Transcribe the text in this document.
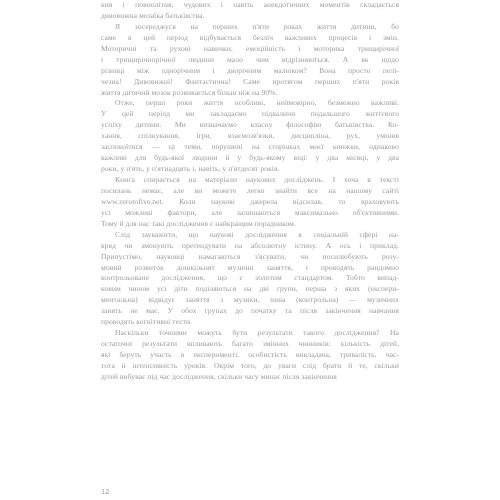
кия і повнолітня, чудових і навіть анекдотичних моментів складається
дивовижна мозаїка батьківства.

Я зосереджуся на перших п'яти роках життя дитини, бо
саме в цей період відбувається безліч важливих процесів і змін.
Моторичні та рухові навички, емоційність і моторика трищирічної
і трищирічнорічної людини мало чим відрізняються. А як щодо
різниці між однорічним і дворічним малюком? Вона просто пелі-
чезна! Дивовижні! Фантастична! Саме протягом перших п'яти років
життя дитячий мозок розвивається більш ніж на 90%.

Отже, перші роки життя особливі, неймовірно, безмежно важливі.
У цей період ми закладаємо підвалини подальшого життєвого
успіху дитини. Ми визначаємо власну філософію батьківства. Ко-
хання, спілкування, ігри, взаємозв'язки, дисципліна, рух, уміння
заспокоїтися — ці теми, порушені на сторінках моєї книжки, однаково
важливі для будь-якої людини й у будь-якому віці: у два місяці, у два
роки, у п'ять, у п'ятнадцять і, навіть, у п'ятдесят років.

Книга спирається на матеріали наукових досліджень. І хоча в тексті
посилань немає, але ви можете легко знайти все на нашому сайті
www.zerotofive.net. Коли наукові джерела відсилав, то враховують
усі можливі фактори, але залишаються максимально об'єктивними.
Тому й для нас такі дослідження є найкращим порадником.

Слід зауважити, що наукові дослідження в соціальній сфері на-
вряд чи змонують претендувати на абсолютну істину. А ось і приклад.
Припустімо, науковці намагаються з'ясувати, чи посилюбують розу-
мовий розвиток дошкільнят музичні заняття, і проводять рандомно
контрольоване дослідження, що є золотим стандартом. Тобто випад-
ковим чином усі діти поділяються на дві групи, перша з яких (експери-
ментальна) відвідує заняття з музики, інша (контрольна) — музичних
занять не має. У обох групах до початку та після закінчення навчання
проводять когнітивні тести.

Наскільки точними можуть бути результати такого дослідження? На
остаточні результати впливають багато змінних чинників: кількість дітей,
які беруть участь в експерименті, особистість викладача, тривалість, час-
тота й інтенсивність уроків. Окрім того, до уваги слід брати й те, скільки
дітей вибуває під час дослідження, скільки часу минає після закінчення

12
